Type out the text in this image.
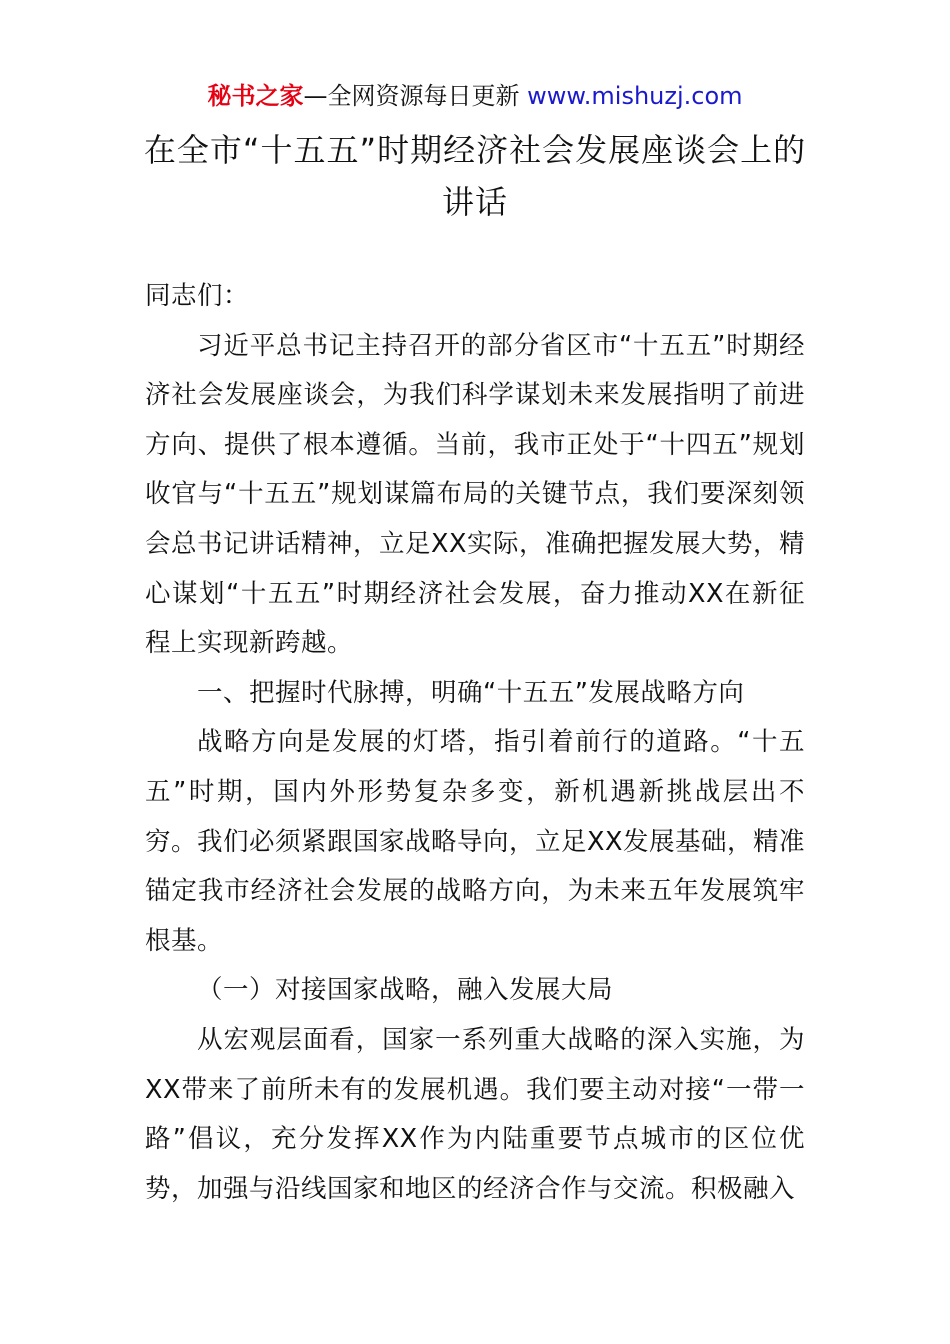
秘书之家—全网资源每日更新 www.mishuzj.com
在全市“十五五”时期经济社会发展座谈会上的讲话

同志们：

习近平总书记主持召开的部分省区市“十五五”时期经济社会发展座谈会，为我们科学谋划未来发展指明了前进方向、提供了根本遵循。当前，我市正处于“十四五”规划收官与“十五五”规划谋篇布局的关键节点，我们要深刻领会总书记讲话精神，立足XX实际，准确把握发展大势，精心谋划“十五五”时期经济社会发展，奋力推动XX在新征程上实现新跨越。

一、把握时代脉搏，明确“十五五”发展战略方向

战略方向是发展的灯塔，指引着前行的道路。“十五五”时期，国内外形势复杂多变，新机遇新挑战层出不穷。我们必须紧跟国家战略导向，立足XX发展基础，精准锚定我市经济社会发展的战略方向，为未来五年发展筑牢根基。

（一）对接国家战略，融入发展大局

从宏观层面看，国家一系列重大战略的深入实施，为XX带来了前所未有的发展机遇。我们要主动对接“一带一路”倡议，充分发挥XX作为内陆重要节点城市的区位优势，加强与沿线国家和地区的经济合作与交流。积极融入
